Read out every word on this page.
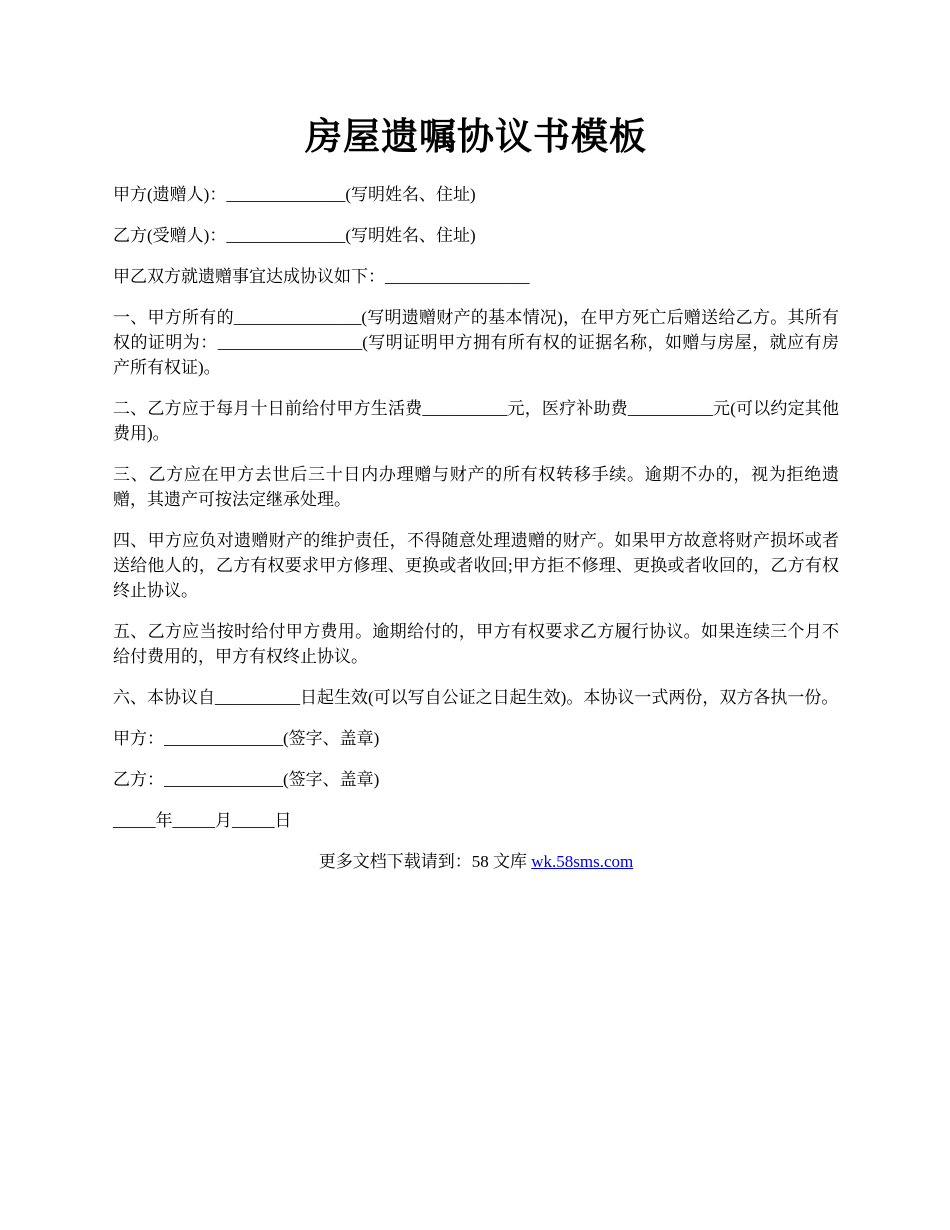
房屋遗嘱协议书模板

甲方(遗赠人)：______________(写明姓名、住址)

乙方(受赠人)：______________(写明姓名、住址)

甲乙双方就遗赠事宜达成协议如下：_________________

一、甲方所有的_______________(写明遗赠财产的基本情况)，在甲方死亡后赠送给乙方。其所有权的证明为：_________________(写明证明甲方拥有所有权的证据名称，如赠与房屋，就应有房产所有权证)。

二、乙方应于每月十日前给付甲方生活费__________元，医疗补助费__________元(可以约定其他费用)。

三、乙方应在甲方去世后三十日内办理赠与财产的所有权转移手续。逾期不办的，视为拒绝遗赠，其遗产可按法定继承处理。

四、甲方应负对遗赠财产的维护责任，不得随意处理遗赠的财产。如果甲方故意将财产损坏或者送给他人的，乙方有权要求甲方修理、更换或者收回;甲方拒不修理、更换或者收回的，乙方有权终止协议。

五、乙方应当按时给付甲方费用。逾期给付的，甲方有权要求乙方履行协议。如果连续三个月不给付费用的，甲方有权终止协议。

六、本协议自__________日起生效(可以写自公证之日起生效)。本协议一式两份，双方各执一份。

甲方：______________(签字、盖章)

乙方：______________(签字、盖章)

_____年_____月_____日

更多文档下载请到：58 文库 wk.58sms.com
